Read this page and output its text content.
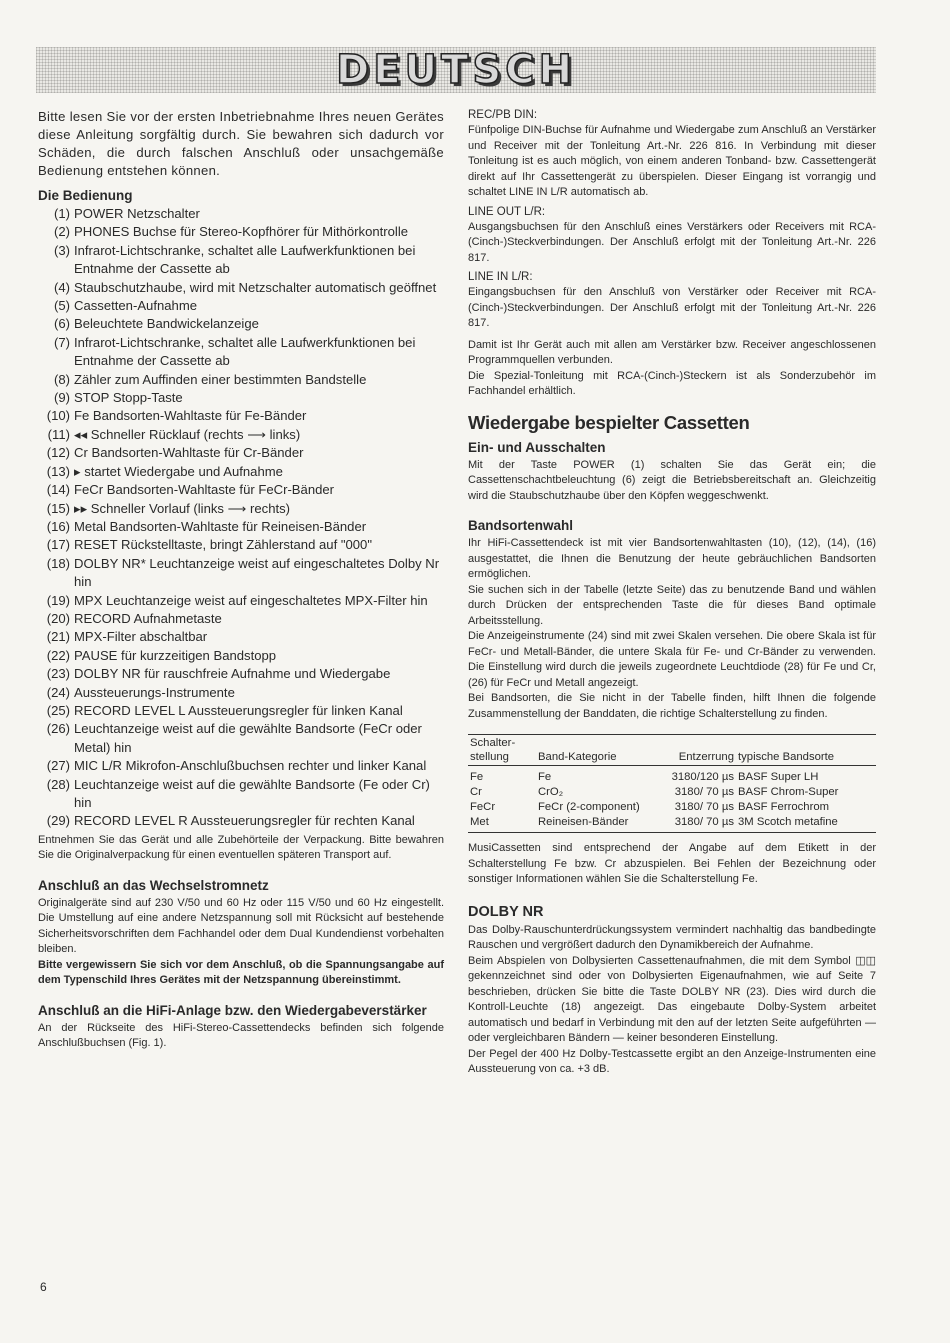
DEUTSCH

Bitte lesen Sie vor der ersten Inbetriebnahme Ihres neuen Gerätes diese Anleitung sorgfältig durch. Sie bewahren sich dadurch vor Schäden, die durch falschen Anschluß oder unsachgemäße Bedienung entstehen können.

Die Bedienung
(1) POWER Netzschalter
(2) PHONES Buchse für Stereo-Kopfhörer für Mithörkontrolle
(3) Infrarot-Lichtschranke, schaltet alle Laufwerkfunktionen bei Entnahme der Cassette ab
(4) Staubschutzhaube, wird mit Netzschalter automatisch geöffnet
(5) Cassetten-Aufnahme
(6) Beleuchtete Bandwickelanzeige
(7) Infrarot-Lichtschranke, schaltet alle Laufwerkfunktionen bei Entnahme der Cassette ab
(8) Zähler zum Auffinden einer bestimmten Bandstelle
(9) STOP Stopp-Taste
(10) Fe Bandsorten-Wahltaste für Fe-Bänder
(11) ◂◂ Schneller Rücklauf (rechts ⟶ links)
(12) Cr Bandsorten-Wahltaste für Cr-Bänder
(13) ▸ startet Wiedergabe und Aufnahme
(14) FeCr Bandsorten-Wahltaste für FeCr-Bänder
(15) ▸▸ Schneller Vorlauf (links ⟶ rechts)
(16) Metal Bandsorten-Wahltaste für Reineisen-Bänder
(17) RESET Rückstelltaste, bringt Zählerstand auf "000"
(18) DOLBY NR* Leuchtanzeige weist auf eingeschaltetes Dolby Nr hin
(19) MPX Leuchtanzeige weist auf eingeschaltetes MPX-Filter hin
(20) RECORD Aufnahmetaste
(21) MPX-Filter abschaltbar
(22) PAUSE für kurzzeitigen Bandstopp
(23) DOLBY NR für rauschfreie Aufnahme und Wiedergabe
(24) Aussteuerungs-Instrumente
(25) RECORD LEVEL L Aussteuerungsregler für linken Kanal
(26) Leuchtanzeige weist auf die gewählte Bandsorte (FeCr oder Metal) hin
(27) MIC L/R Mikrofon-Anschlußbuchsen rechter und linker Kanal
(28) Leuchtanzeige weist auf die gewählte Bandsorte (Fe oder Cr) hin
(29) RECORD LEVEL R Aussteuerungsregler für rechten Kanal

Entnehmen Sie das Gerät und alle Zubehörteile der Verpackung. Bitte bewahren Sie die Originalverpackung für einen eventuellen späteren Transport auf.

Anschluß an das Wechselstromnetz

Originalgeräte sind auf 230 V/50 und 60 Hz oder 115 V/50 und 60 Hz eingestellt. Die Umstellung auf eine andere Netzspannung soll mit Rücksicht auf bestehende Sicherheitsvorschriften dem Fachhandel oder dem Dual Kundendienst vorbehalten bleiben.

Bitte vergewissern Sie sich vor dem Anschluß, ob die Spannungsangabe auf dem Typenschild Ihres Gerätes mit der Netzspannung übereinstimmt.

Anschluß an die HiFi-Anlage bzw. den Wiedergabeverstärker

An der Rückseite des HiFi-Stereo-Cassettendecks befinden sich folgende Anschlußbuchsen (Fig. 1).

REC/PB DIN:

Fünfpolige DIN-Buchse für Aufnahme und Wiedergabe zum Anschluß an Verstärker und Receiver mit der Tonleitung Art.-Nr. 226 816. In Verbindung mit dieser Tonleitung ist es auch möglich, von einem anderen Tonband- bzw. Cassettengerät direkt auf Ihr Cassettengerät zu überspielen. Dieser Eingang ist vorrangig und schaltet LINE IN L/R automatisch ab.

LINE OUT L/R:

Ausgangsbuchsen für den Anschluß eines Verstärkers oder Receivers mit RCA-(Cinch-)Steckverbindungen. Der Anschluß erfolgt mit der Tonleitung Art.-Nr. 226 817.

LINE IN L/R:

Eingangsbuchsen für den Anschluß von Verstärker oder Receiver mit RCA-(Cinch-)Steckverbindungen. Der Anschluß erfolgt mit der Tonleitung Art.-Nr. 226 817.

Damit ist Ihr Gerät auch mit allen am Verstärker bzw. Receiver angeschlossenen Programmquellen verbunden.

Die Spezial-Tonleitung mit RCA-(Cinch-)Steckern ist als Sonderzubehör im Fachhandel erhältlich.

Wiedergabe bespielter Cassetten
Ein- und Ausschalten

Mit der Taste POWER (1) schalten Sie das Gerät ein; die Cassettenschachtbeleuchtung (6) zeigt die Betriebsbereitschaft an. Gleichzeitig wird die Staubschutzhaube über den Köpfen weggeschwenkt.

Bandsortenwahl

Ihr HiFi-Cassettendeck ist mit vier Bandsortenwahltasten (10), (12), (14), (16) ausgestattet, die Ihnen die Benutzung der heute gebräuchlichen Bandsorten ermöglichen.

Sie suchen sich in der Tabelle (letzte Seite) das zu benutzende Band und wählen durch Drücken der entsprechenden Taste die für dieses Band optimale Arbeitsstellung.

Die Anzeigeinstrumente (24) sind mit zwei Skalen versehen. Die obere Skala ist für FeCr- und Metall-Bänder, die untere Skala für Fe- und Cr-Bänder zu verwenden. Die Einstellung wird durch die jeweils zugeordnete Leuchtdiode (28) für Fe und Cr, (26) für FeCr und Metall angezeigt.

Bei Bandsorten, die Sie nicht in der Tabelle finden, hilft Ihnen die folgende Zusammenstellung der Banddaten, die richtige Schalterstellung zu finden.

Schalter-stellung	Band-Kategorie	Entzerrung	typische Bandsorte
Fe	Fe	3180/120 µs	BASF Super LH
Cr	CrO₂	3180/ 70 µs	BASF Chrom-Super
FeCr	FeCr (2-component)	3180/ 70 µs	BASF Ferrochrom
Met	Reineisen-Bänder	3180/ 70 µs	3M Scotch metafine

MusiCassetten sind entsprechend der Angabe auf dem Etikett in der Schalterstellung Fe bzw. Cr abzuspielen. Bei Fehlen der Bezeichnung oder sonstiger Informationen wählen Sie die Schalterstellung Fe.

DOLBY NR

Das Dolby-Rauschunterdrückungssystem vermindert nachhaltig das bandbedingte Rauschen und vergrößert dadurch den Dynamikbereich der Aufnahme.

Beim Abspielen von Dolbysierten Cassettenaufnahmen, die mit dem Symbol ◫◫ gekennzeichnet sind oder von Dolbysierten Eigenaufnahmen, wie auf Seite 7 beschrieben, drücken Sie bitte die Taste DOLBY NR (23). Dies wird durch die Kontroll-Leuchte (18) angezeigt. Das eingebaute Dolby-System arbeitet automatisch und bedarf in Verbindung mit den auf der letzten Seite aufgeführten — oder vergleichbaren Bändern — keiner besonderen Einstellung.

Der Pegel der 400 Hz Dolby-Testcassette ergibt an den Anzeige-Instrumenten eine Aussteuerung von ca. +3 dB.

6
